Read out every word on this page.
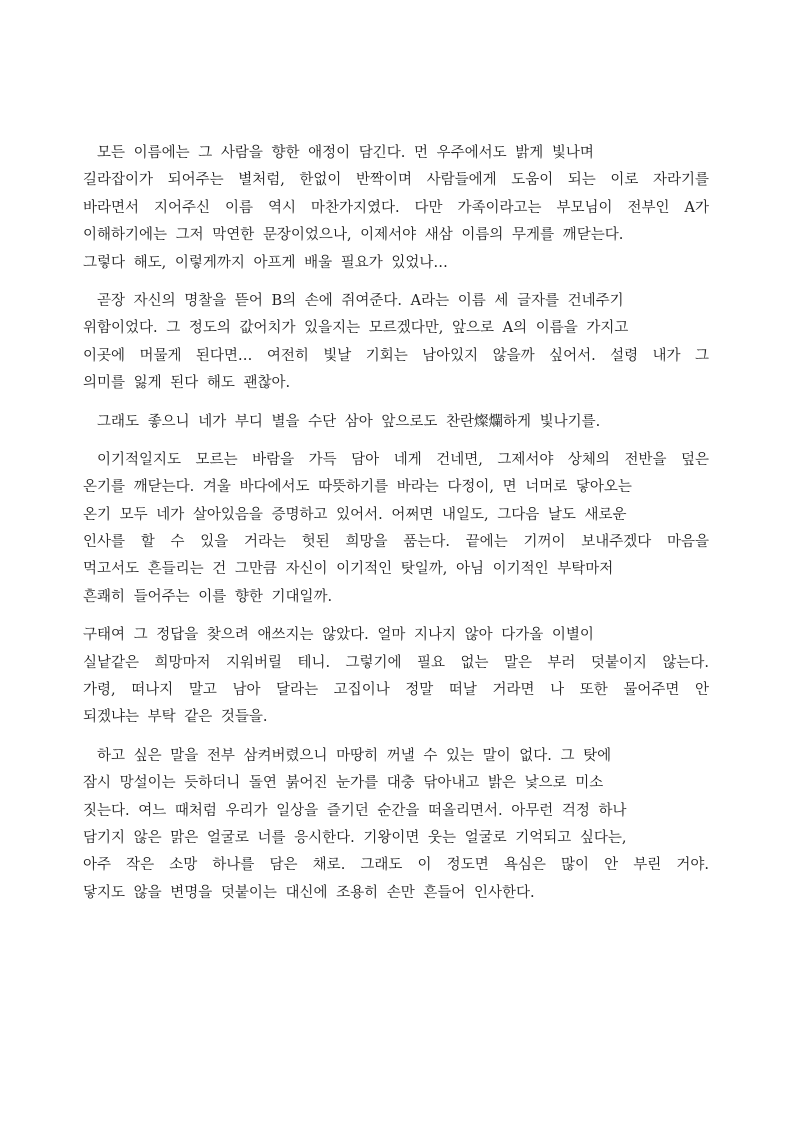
모든 이름에는 그 사람을 향한 애정이 담긴다. 먼 우주에서도 밝게 빛나며
길라잡이가 되어주는 별처럼, 한없이 반짝이며 사람들에게 도움이 되는 이로 자라기를
바라면서 지어주신 이름 역시 마찬가지였다. 다만 가족이라고는 부모님이 전부인 A가
이해하기에는 그저 막연한 문장이었으나, 이제서야 새삼 이름의 무게를 깨닫는다.
그렇다 해도, 이렇게까지 아프게 배울 필요가 있었나…
곧장 자신의 명찰을 뜯어 B의 손에 쥐여준다. A라는 이름 세 글자를 건네주기
위함이었다. 그 정도의 값어치가 있을지는 모르겠다만, 앞으로 A의 이름을 가지고
이곳에 머물게 된다면… 여전히 빛날 기회는 남아있지 않을까 싶어서. 설령 내가 그
의미를 잃게 된다 해도 괜찮아.
그래도 좋으니 네가 부디 별을 수단 삼아 앞으로도 찬란燦爛하게 빛나기를.
이기적일지도 모르는 바람을 가득 담아 네게 건네면, 그제서야 상체의 전반을 덮은
온기를 깨닫는다. 겨울 바다에서도 따뜻하기를 바라는 다정이, 면 너머로 닿아오는
온기 모두 네가 살아있음을 증명하고 있어서. 어쩌면 내일도, 그다음 날도 새로운
인사를 할 수 있을 거라는 헛된 희망을 품는다. 끝에는 기꺼이 보내주겠다 마음을
먹고서도 흔들리는 건 그만큼 자신이 이기적인 탓일까, 아님 이기적인 부탁마저
흔쾌히 들어주는 이를 향한 기대일까.
구태여 그 정답을 찾으려 애쓰지는 않았다. 얼마 지나지 않아 다가올 이별이
실낱같은 희망마저 지워버릴 테니. 그렇기에 필요 없는 말은 부러 덧붙이지 않는다.
가령, 떠나지 말고 남아 달라는 고집이나 정말 떠날 거라면 나 또한 물어주면 안
되겠냐는 부탁 같은 것들을.
하고 싶은 말을 전부 삼켜버렸으니 마땅히 꺼낼 수 있는 말이 없다. 그 탓에
잠시 망설이는 듯하더니 돌연 붉어진 눈가를 대충 닦아내고 밝은 낯으로 미소
짓는다. 여느 때처럼 우리가 일상을 즐기던 순간을 떠올리면서. 아무런 걱정 하나
담기지 않은 맑은 얼굴로 너를 응시한다. 기왕이면 웃는 얼굴로 기억되고 싶다는,
아주 작은 소망 하나를 담은 채로. 그래도 이 정도면 욕심은 많이 안 부린 거야.
닿지도 않을 변명을 덧붙이는 대신에 조용히 손만 흔들어 인사한다.
